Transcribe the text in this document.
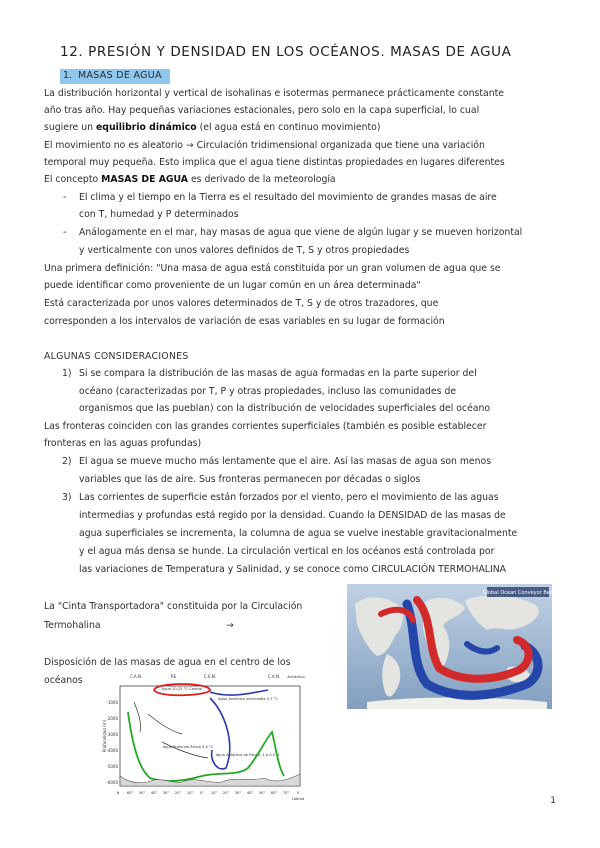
12. PRESIÓN Y DENSIDAD EN LOS OCÉANOS. MASAS DE AGUA
1. MASAS DE AGUA
La distribución horizontal y vertical de isohalinas e isotermas permanece prácticamente constante
año tras año. Hay pequeñas variaciones estacionales, pero solo en la capa superficial, lo cual
sugiere un equilibrio dinámico (el agua está en continuo movimiento)
El movimiento no es aleatorio → Circulación tridimensional organizada que tiene una variación
temporal muy pequeña. Esto implica que el agua tiene distintas propiedades en lugares diferentes
El concepto MASAS DE AGUA es derivado de la meteorología
- El clima y el tiempo en la Tierra es el resultado del movimiento de grandes masas de aire
con T, humedad y P determinados
- Análogamente en el mar, hay masas de agua que viene de algún lugar y se mueven horizontal
y verticalmente con unos valores definidos de T, S y otros propiedades
Una primera definición: "Una masa de agua está constituida por un gran volumen de agua que se
puede identificar como proveniente de un lugar común en un área determinada"
Está caracterizada por unos valores determinados de T, S y de otros trazadores, que
corresponden a los intervalos de variación de esas variables en su lugar de formación
ALGUNAS CONSIDERACIONES
1) Si se compara la distribución de las masas de agua formadas en la parte superior del
océano (caracterizadas por T, P y otras propiedades, incluso las comunidades de
organismos que las pueblan) con la distribución de velocidades superficiales del océano
Las fronteras coinciden con las grandes corrientes superficiales (también es posible establecer
fronteras en las aguas profundas)
2) El agua se mueve mucho más lentamente que el aire. Así las masas de agua son menos
variables que las de aire. Sus fronteras permanecen por décadas o siglos
3) Las corrientes de superficie están forzados por el viento, pero el movimiento de las aguas
intermedias y profundas está regido por la densidad. Cuando la DENSIDAD de las masas de
agua superficiales se incrementa, la columna de agua se vuelve inestable gravitacionalmente
y el agua más densa se hunde. La circulación vertical en los océanos está controlada por
las variaciones de Temperatura y Salinidad, y se conoce como CIRCULACIÓN TERMOHALINA
La "Cinta Transportadora" constituida por la Circulación
Termohalina	→
Global Ocean Conveyor Belt
Disposición de las masas de agua en el centro de los
océanos
Profundidad (m)
C.A.N.	P.E.	C.E.N.	C.A.N. Antártica
-1000
-2000
-3000
-4000
-5000
-6000
Agua 20-25 °C Central
Agua Antártica Intermedia 3-7 °C
Agua Profunda Ártica 3-4 °C
Agua Antártica de Fondo -1 a 0.5 °C
N 60° 50° 40° 30° 20° 10° 0° 10° 20° 30° 40° 50° 60° 70° S
Latitud	1
